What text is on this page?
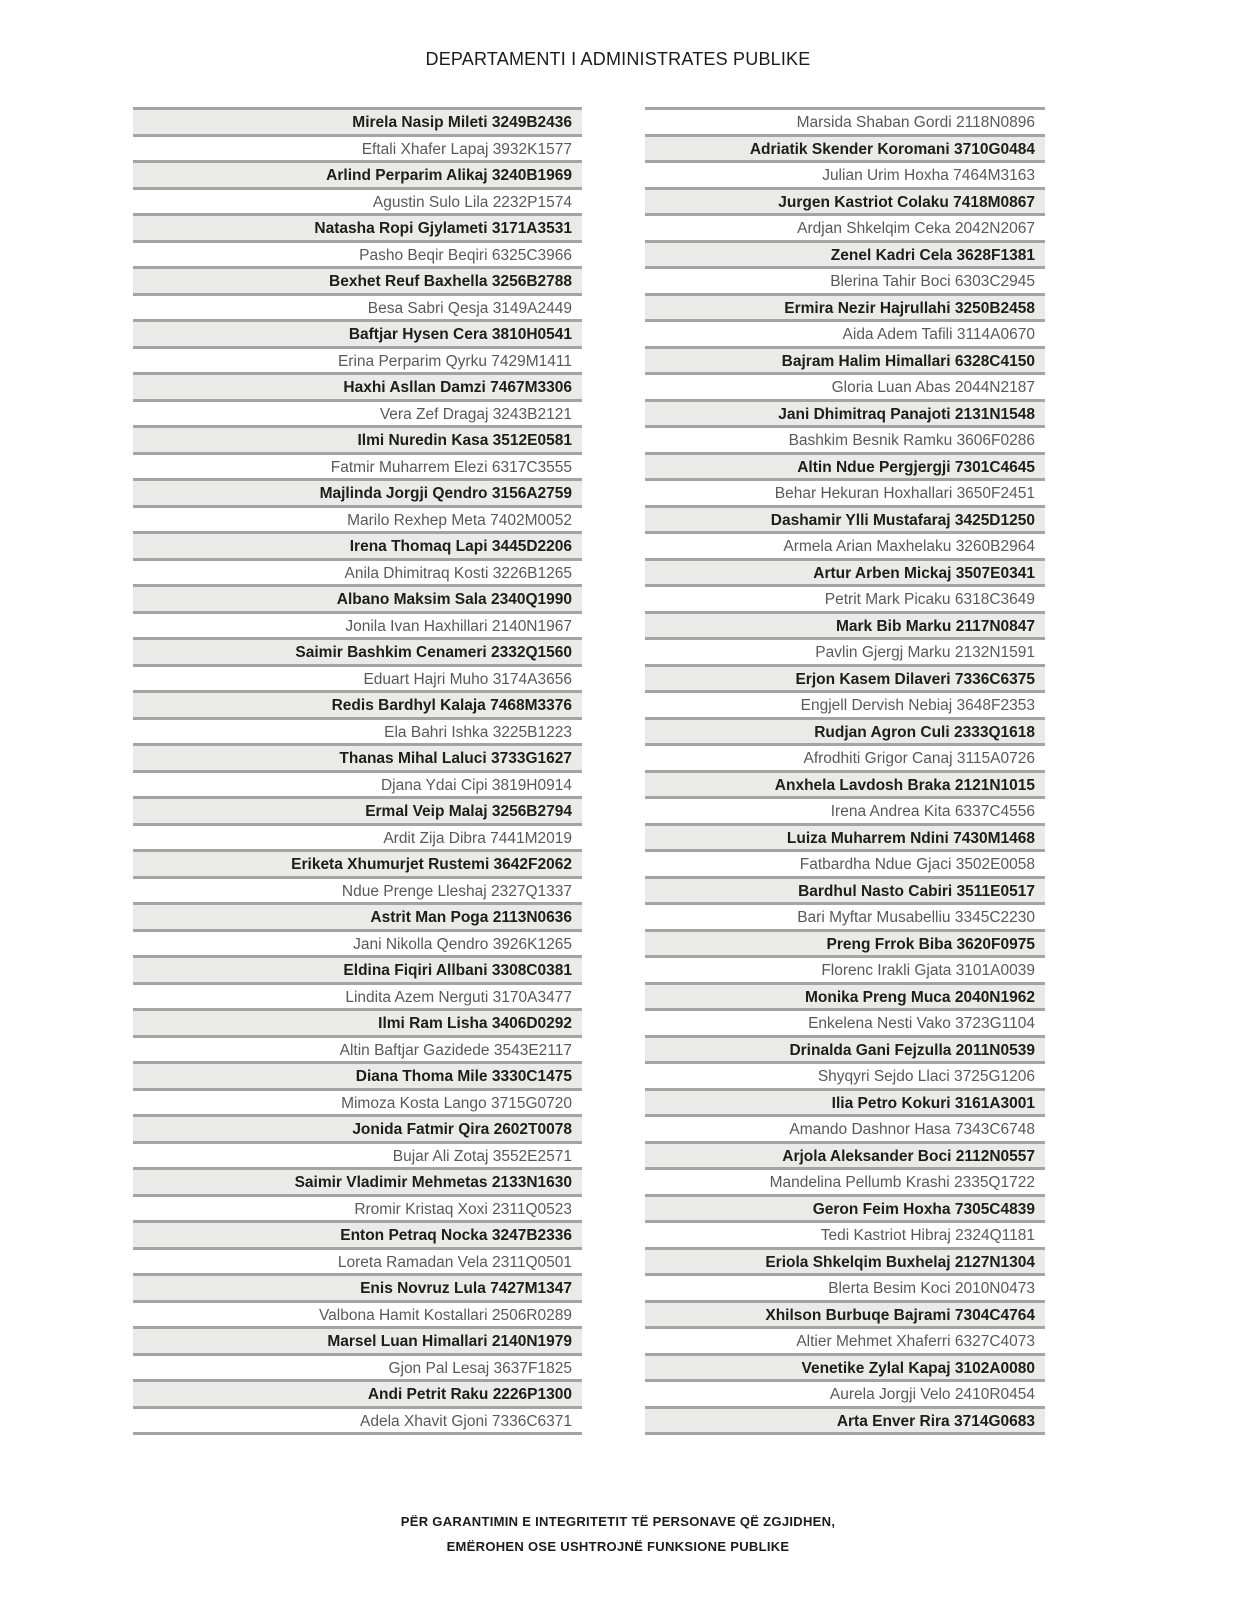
DEPARTAMENTI I ADMINISTRATES PUBLIKE
Mirela Nasip Mileti 3249B2436
Eftali Xhafer Lapaj 3932K1577
Arlind Perparim Alikaj 3240B1969
Agustin Sulo Lila 2232P1574
Natasha Ropi Gjylameti 3171A3531
Pasho Beqir Beqiri 6325C3966
Bexhet Reuf Baxhella 3256B2788
Besa Sabri Qesja 3149A2449
Baftjar Hysen Cera 3810H0541
Erina Perparim Qyrku 7429M1411
Haxhi Asllan Damzi 7467M3306
Vera Zef Dragaj 3243B2121
Ilmi Nuredin Kasa 3512E0581
Fatmir Muharrem Elezi 6317C3555
Majlinda Jorgji Qendro 3156A2759
Marilo Rexhep Meta 7402M0052
Irena Thomaq Lapi 3445D2206
Anila Dhimitraq Kosti 3226B1265
Albano Maksim Sala 2340Q1990
Jonila Ivan Haxhillari 2140N1967
Saimir Bashkim Cenameri 2332Q1560
Eduart Hajri Muho 3174A3656
Redis Bardhyl Kalaja 7468M3376
Ela Bahri Ishka 3225B1223
Thanas Mihal Laluci 3733G1627
Djana Ydai Cipi 3819H0914
Ermal Veip Malaj 3256B2794
Ardit Zija Dibra 7441M2019
Eriketa Xhumurjet Rustemi 3642F2062
Ndue Prenge Lleshaj 2327Q1337
Astrit Man Poga 2113N0636
Jani Nikolla Qendro 3926K1265
Eldina Fiqiri Allbani 3308C0381
Lindita Azem Nerguti 3170A3477
Ilmi Ram Lisha 3406D0292
Altin Baftjar Gazidede 3543E2117
Diana Thoma Mile 3330C1475
Mimoza Kosta Lango 3715G0720
Jonida Fatmir Qira 2602T0078
Bujar Ali Zotaj 3552E2571
Saimir Vladimir Mehmetas 2133N1630
Rromir Kristaq Xoxi 2311Q0523
Enton Petraq Nocka 3247B2336
Loreta Ramadan Vela 2311Q0501
Enis Novruz Lula 7427M1347
Valbona Hamit Kostallari 2506R0289
Marsel Luan Himallari 2140N1979
Gjon Pal Lesaj 3637F1825
Andi Petrit Raku 2226P1300
Adela Xhavit Gjoni 7336C6371
Marsida Shaban Gordi 2118N0896
Adriatik Skender Koromani 3710G0484
Julian Urim Hoxha 7464M3163
Jurgen Kastriot Colaku 7418M0867
Ardjan Shkelqim Ceka 2042N2067
Zenel Kadri Cela 3628F1381
Blerina Tahir Boci 6303C2945
Ermira Nezir Hajrullahi 3250B2458
Aida Adem Tafili 3114A0670
Bajram Halim Himallari 6328C4150
Gloria Luan Abas 2044N2187
Jani Dhimitraq Panajoti 2131N1548
Bashkim Besnik Ramku 3606F0286
Altin Ndue Pergjergji 7301C4645
Behar Hekuran Hoxhallari 3650F2451
Dashamir Ylli Mustafaraj 3425D1250
Armela Arian Maxhelaku 3260B2964
Artur Arben Mickaj 3507E0341
Petrit Mark Picaku 6318C3649
Mark Bib Marku 2117N0847
Pavlin Gjergj Marku 2132N1591
Erjon Kasem Dilaveri 7336C6375
Engjell Dervish Nebiaj 3648F2353
Rudjan Agron Culi 2333Q1618
Afrodhiti Grigor Canaj 3115A0726
Anxhela Lavdosh Braka 2121N1015
Irena Andrea Kita 6337C4556
Luiza Muharrem Ndini 7430M1468
Fatbardha Ndue Gjaci 3502E0058
Bardhul Nasto Cabiri 3511E0517
Bari Myftar Musabelliu 3345C2230
Preng Frrok Biba 3620F0975
Florenc Irakli Gjata 3101A0039
Monika Preng Muca 2040N1962
Enkelena Nesti Vako 3723G1104
Drinalda Gani Fejzulla 2011N0539
Shyqyri Sejdo Llaci 3725G1206
Ilia Petro Kokuri 3161A3001
Amando Dashnor Hasa 7343C6748
Arjola Aleksander Boci 2112N0557
Mandelina Pellumb Krashi 2335Q1722
Geron Feim Hoxha 7305C4839
Tedi Kastriot Hibraj 2324Q1181
Eriola Shkelqim Buxhelaj 2127N1304
Blerta Besim Koci 2010N0473
Xhilson Burbuqe Bajrami 7304C4764
Altier Mehmet Xhaferri 6327C4073
Venetike Zylal Kapaj 3102A0080
Aurela Jorgji Velo 2410R0454
Arta Enver Rira 3714G0683
PËR GARANTIMIN E INTEGRITETIT TË PERSONAVE QË ZGJIDHEN,
EMËROHEN OSE USHTROJNË FUNKSIONE PUBLIKE
